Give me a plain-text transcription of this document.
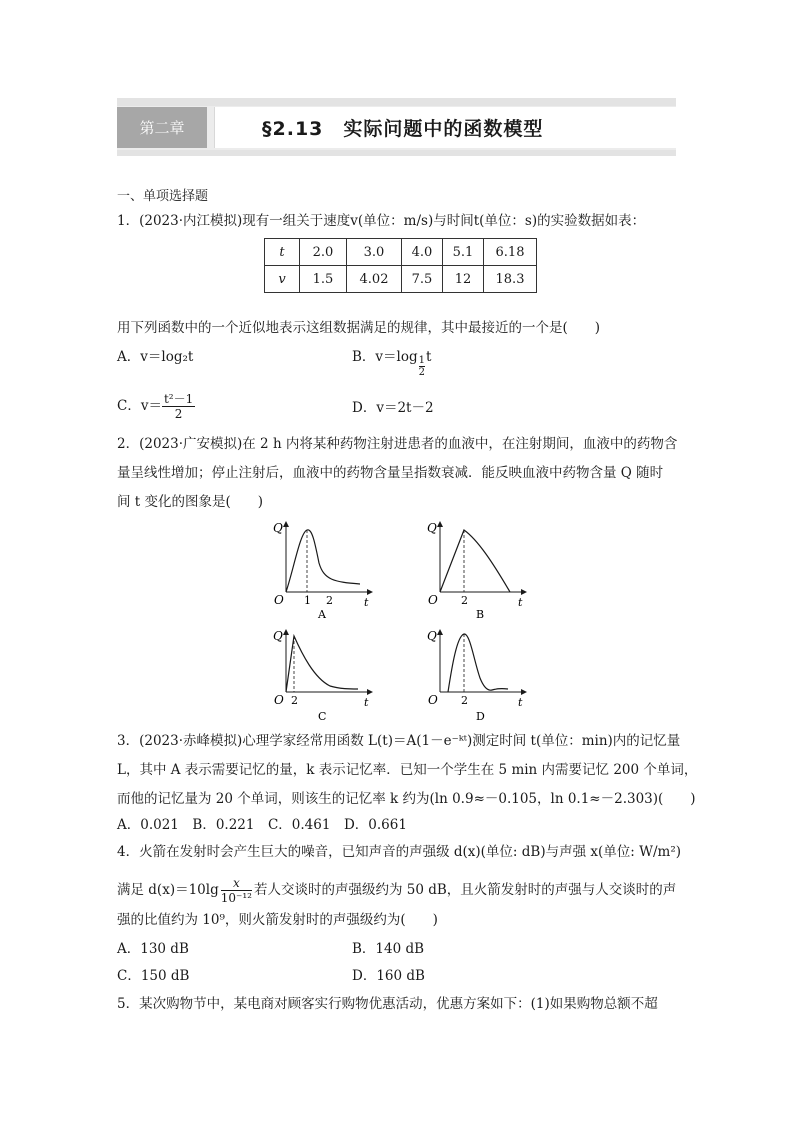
第二章	§2.13　实际问题中的函数模型
一、单项选择题
1．(2023·内江模拟)现有一组关于速度v(单位：m/s)与时间t(单位：s)的实验数据如表：
t	2.0	3.0	4.0	5.1	6.18
v	1.5	4.02	7.5	12	18.3
用下列函数中的一个近似地表示这组数据满足的规律，其中最接近的一个是(　　)
A．v＝log₂t	B．$v=\log \frac{1}{2}$ t
C．$v= \frac{\text{t²－1}}{2}$	D．v＝2t－2
2．(2023·广安模拟)在 2 h 内将某种药物注射进患者的血液中，在注射期间，血液中的药物含
量呈线性增加；停止注射后，血液中的药物含量呈指数衰减．能反映血液中药物含量 Q 随时
间 t 变化的图象是(　　)
Q
O 1 2	t
A
Q
O 2	t
B
Q
O 2	t
C
Q
O 2	t
D
3．(2023·赤峰模拟)心理学家经常用函数 L(t)＝A(1－e⁻ᵏᵗ)测定时间 t(单位：min)内的记忆量
L，其中 A 表示需要记忆的量，k 表示记忆率．已知一个学生在 5 min 内需要记忆 200 个单词，
而他的记忆量为 20 个单词，则该生的记忆率 k 约为(ln 0.9≈－0.105，ln 0.1≈－2.303)(　　)
A．0.021　B．0.221　C．0.461　D．0.661
4．火箭在发射时会产生巨大的噪音，已知声音的声强级 d(x)(单位: dB)与声强 x(单位: W/m²)
满足 $d(x)=10\lg \frac{x}{\text{10⁻¹²}}$ 若人交谈时的声强级约为 50 dB，且火箭发射时的声强与人交谈时的声
强的比值约为 10⁹，则火箭发射时的声强级约为(　　)
A．130 dB	B．140 dB
C．150 dB	D．160 dB
5．某次购物节中，某电商对顾客实行购物优惠活动，优惠方案如下：(1)如果购物总额不超
